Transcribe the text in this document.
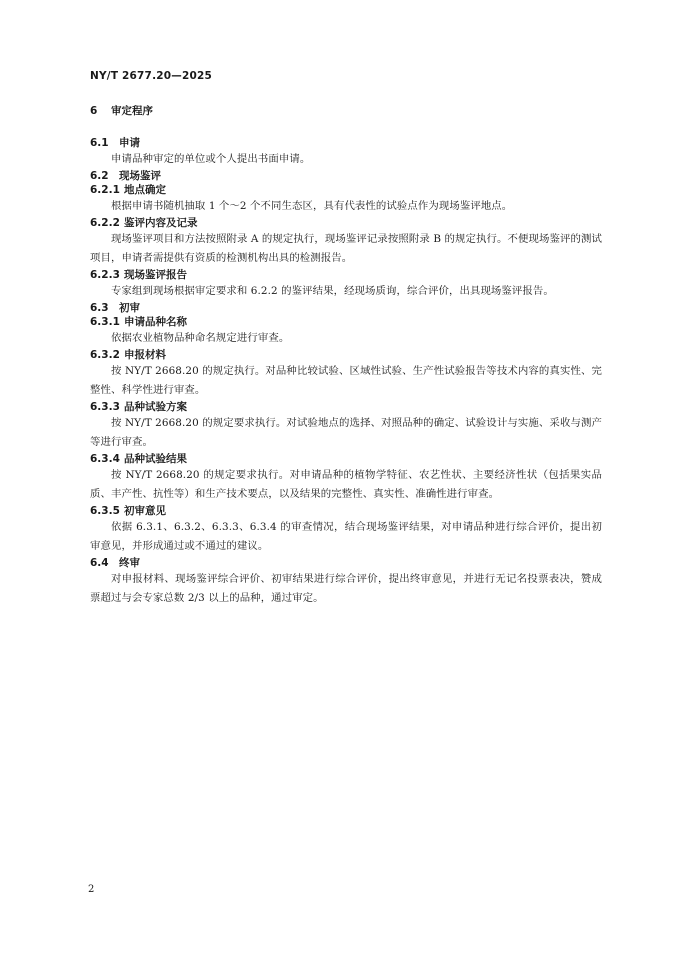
NY/T 2677.20—2025
6 审定程序
6.1 申请
申请品种审定的单位或个人提出书面申请。
6.2 现场鉴评
6.2.1 地点确定
根据申请书随机抽取 1 个～2 个不同生态区，具有代表性的试验点作为现场鉴评地点。
6.2.2 鉴评内容及记录
现场鉴评项目和方法按照附录 A 的规定执行，现场鉴评记录按照附录 B 的规定执行。不便现场鉴评的测试项目，申请者需提供有资质的检测机构出具的检测报告。
6.2.3 现场鉴评报告
专家组到现场根据审定要求和 6.2.2 的鉴评结果，经现场质询，综合评价，出具现场鉴评报告。
6.3 初审
6.3.1 申请品种名称
依据农业植物品种命名规定进行审查。
6.3.2 申报材料
按 NY/T 2668.20 的规定执行。对品种比较试验、区域性试验、生产性试验报告等技术内容的真实性、完整性、科学性进行审查。
6.3.3 品种试验方案
按 NY/T 2668.20 的规定要求执行。对试验地点的选择、对照品种的确定、试验设计与实施、采收与测产等进行审查。
6.3.4 品种试验结果
按 NY/T 2668.20 的规定要求执行。对申请品种的植物学特征、农艺性状、主要经济性状（包括果实品质、丰产性、抗性等）和生产技术要点，以及结果的完整性、真实性、准确性进行审查。
6.3.5 初审意见
依据 6.3.1、6.3.2、6.3.3、6.3.4 的审查情况，结合现场鉴评结果，对申请品种进行综合评价，提出初审意见，并形成通过或不通过的建议。
6.4 终审
对申报材料、现场鉴评综合评价、初审结果进行综合评价，提出终审意见，并进行无记名投票表决，赞成票超过与会专家总数 2/3 以上的品种，通过审定。
2
